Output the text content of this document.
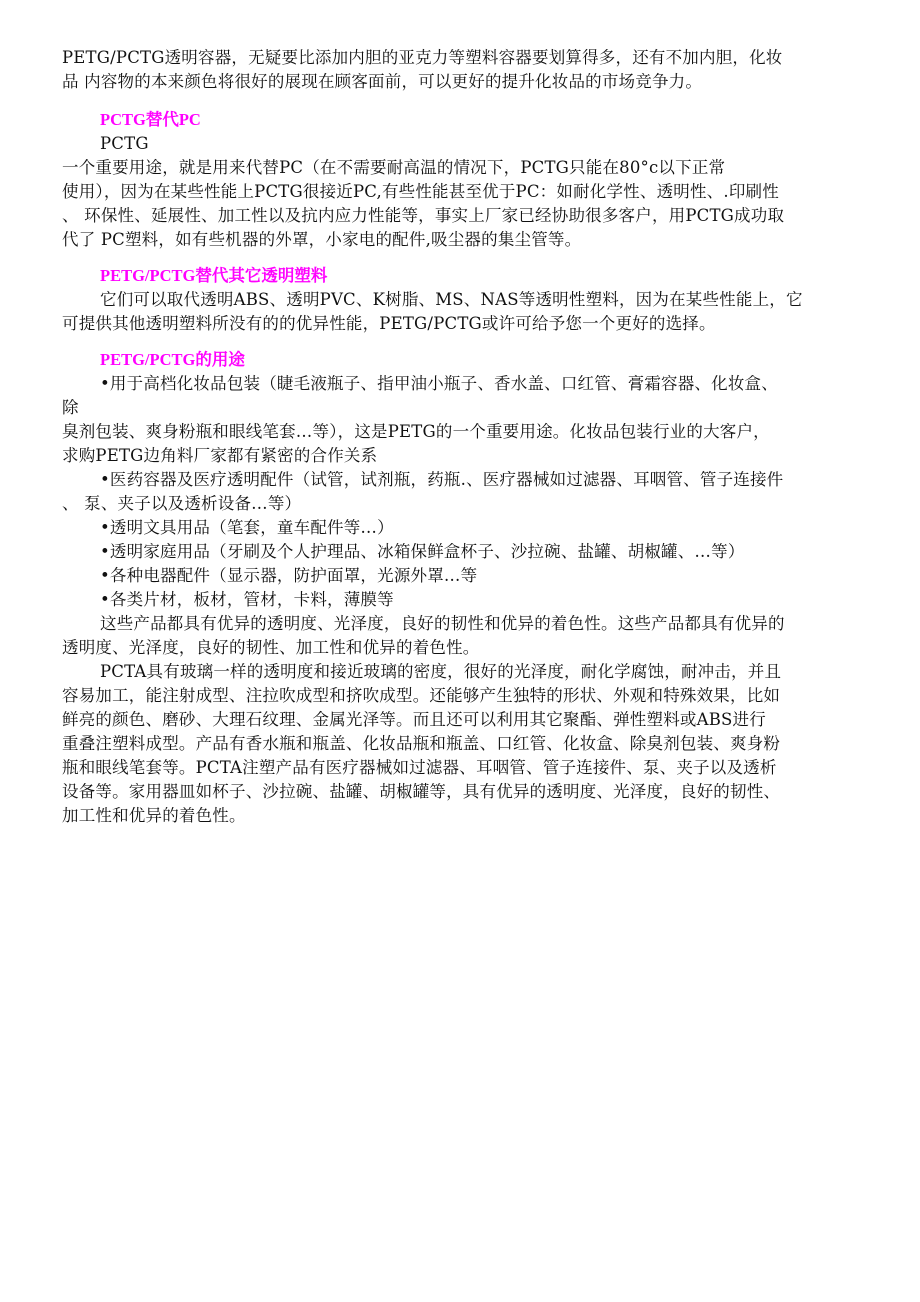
PETG/PCTG透明容器，无疑要比添加内胆的亚克力等塑料容器要划算得多，还有不加内胆，化妆
品 内容物的本来颜色将很好的展现在顾客面前，可以更好的提升化妆品的市场竞争力。
PCTG替代PC
PCTG
一个重要用途，就是用来代替PC（在不需要耐高温的情况下，PCTG只能在80°c以下正常
使用），因为在某些性能上PCTG很接近PC,有些性能甚至优于PC：如耐化学性、透明性、.印刷性
、 环保性、延展性、加工性以及抗内应力性能等，事实上厂家已经协助很多客户，用PCTG成功取
代了 PC塑料，如有些机器的外罩，小家电的配件,吸尘器的集尘管等。
PETG/PCTG替代其它透明塑料
它们可以取代透明ABS、透明PVC、K树脂、MS、NAS等透明性塑料，因为在某些性能上，它
可提供其他透明塑料所没有的的优异性能，PETG/PCTG或许可给予您一个更好的选择。
PETG/PCTG的用途
•用于高档化妆品包装（睫毛液瓶子、指甲油小瓶子、香水盖、口红管、膏霜容器、化妆盒、
除
臭剂包装、爽身粉瓶和眼线笔套…等），这是PETG的一个重要用途。化妆品包装行业的大客户，
求购PETG边角料厂家都有紧密的合作关系
•医药容器及医疗透明配件（试管，试剂瓶，药瓶.、医疗器械如过滤器、耳咽管、管子连接件
、 泵、夹子以及透析设备…等）
•透明文具用品（笔套，童车配件等…）
•透明家庭用品（牙刷及个人护理品、冰箱保鲜盒杯子、沙拉碗、盐罐、胡椒罐、…等）
•各种电器配件（显示器，防护面罩，光源外罩…等
•各类片材，板材，管材，卡料，薄膜等
这些产品都具有优异的透明度、光泽度，良好的韧性和优异的着色性。这些产品都具有优异的
透明度、光泽度，良好的韧性、加工性和优异的着色性。
PCTA具有玻璃一样的透明度和接近玻璃的密度，很好的光泽度，耐化学腐蚀，耐冲击，并且
容易加工，能注射成型、注拉吹成型和挤吹成型。还能够产生独特的形状、外观和特殊效果，比如
鲜亮的颜色、磨砂、大理石纹理、金属光泽等。而且还可以利用其它聚酯、弹性塑料或ABS进行
重叠注塑料成型。产品有香水瓶和瓶盖、化妆品瓶和瓶盖、口红管、化妆盒、除臭剂包装、爽身粉
瓶和眼线笔套等。PCTA注塑产品有医疗器械如过滤器、耳咽管、管子连接件、泵、夹子以及透析
设备等。家用器皿如杯子、沙拉碗、盐罐、胡椒罐等，具有优异的透明度、光泽度，良好的韧性、
加工性和优异的着色性。
